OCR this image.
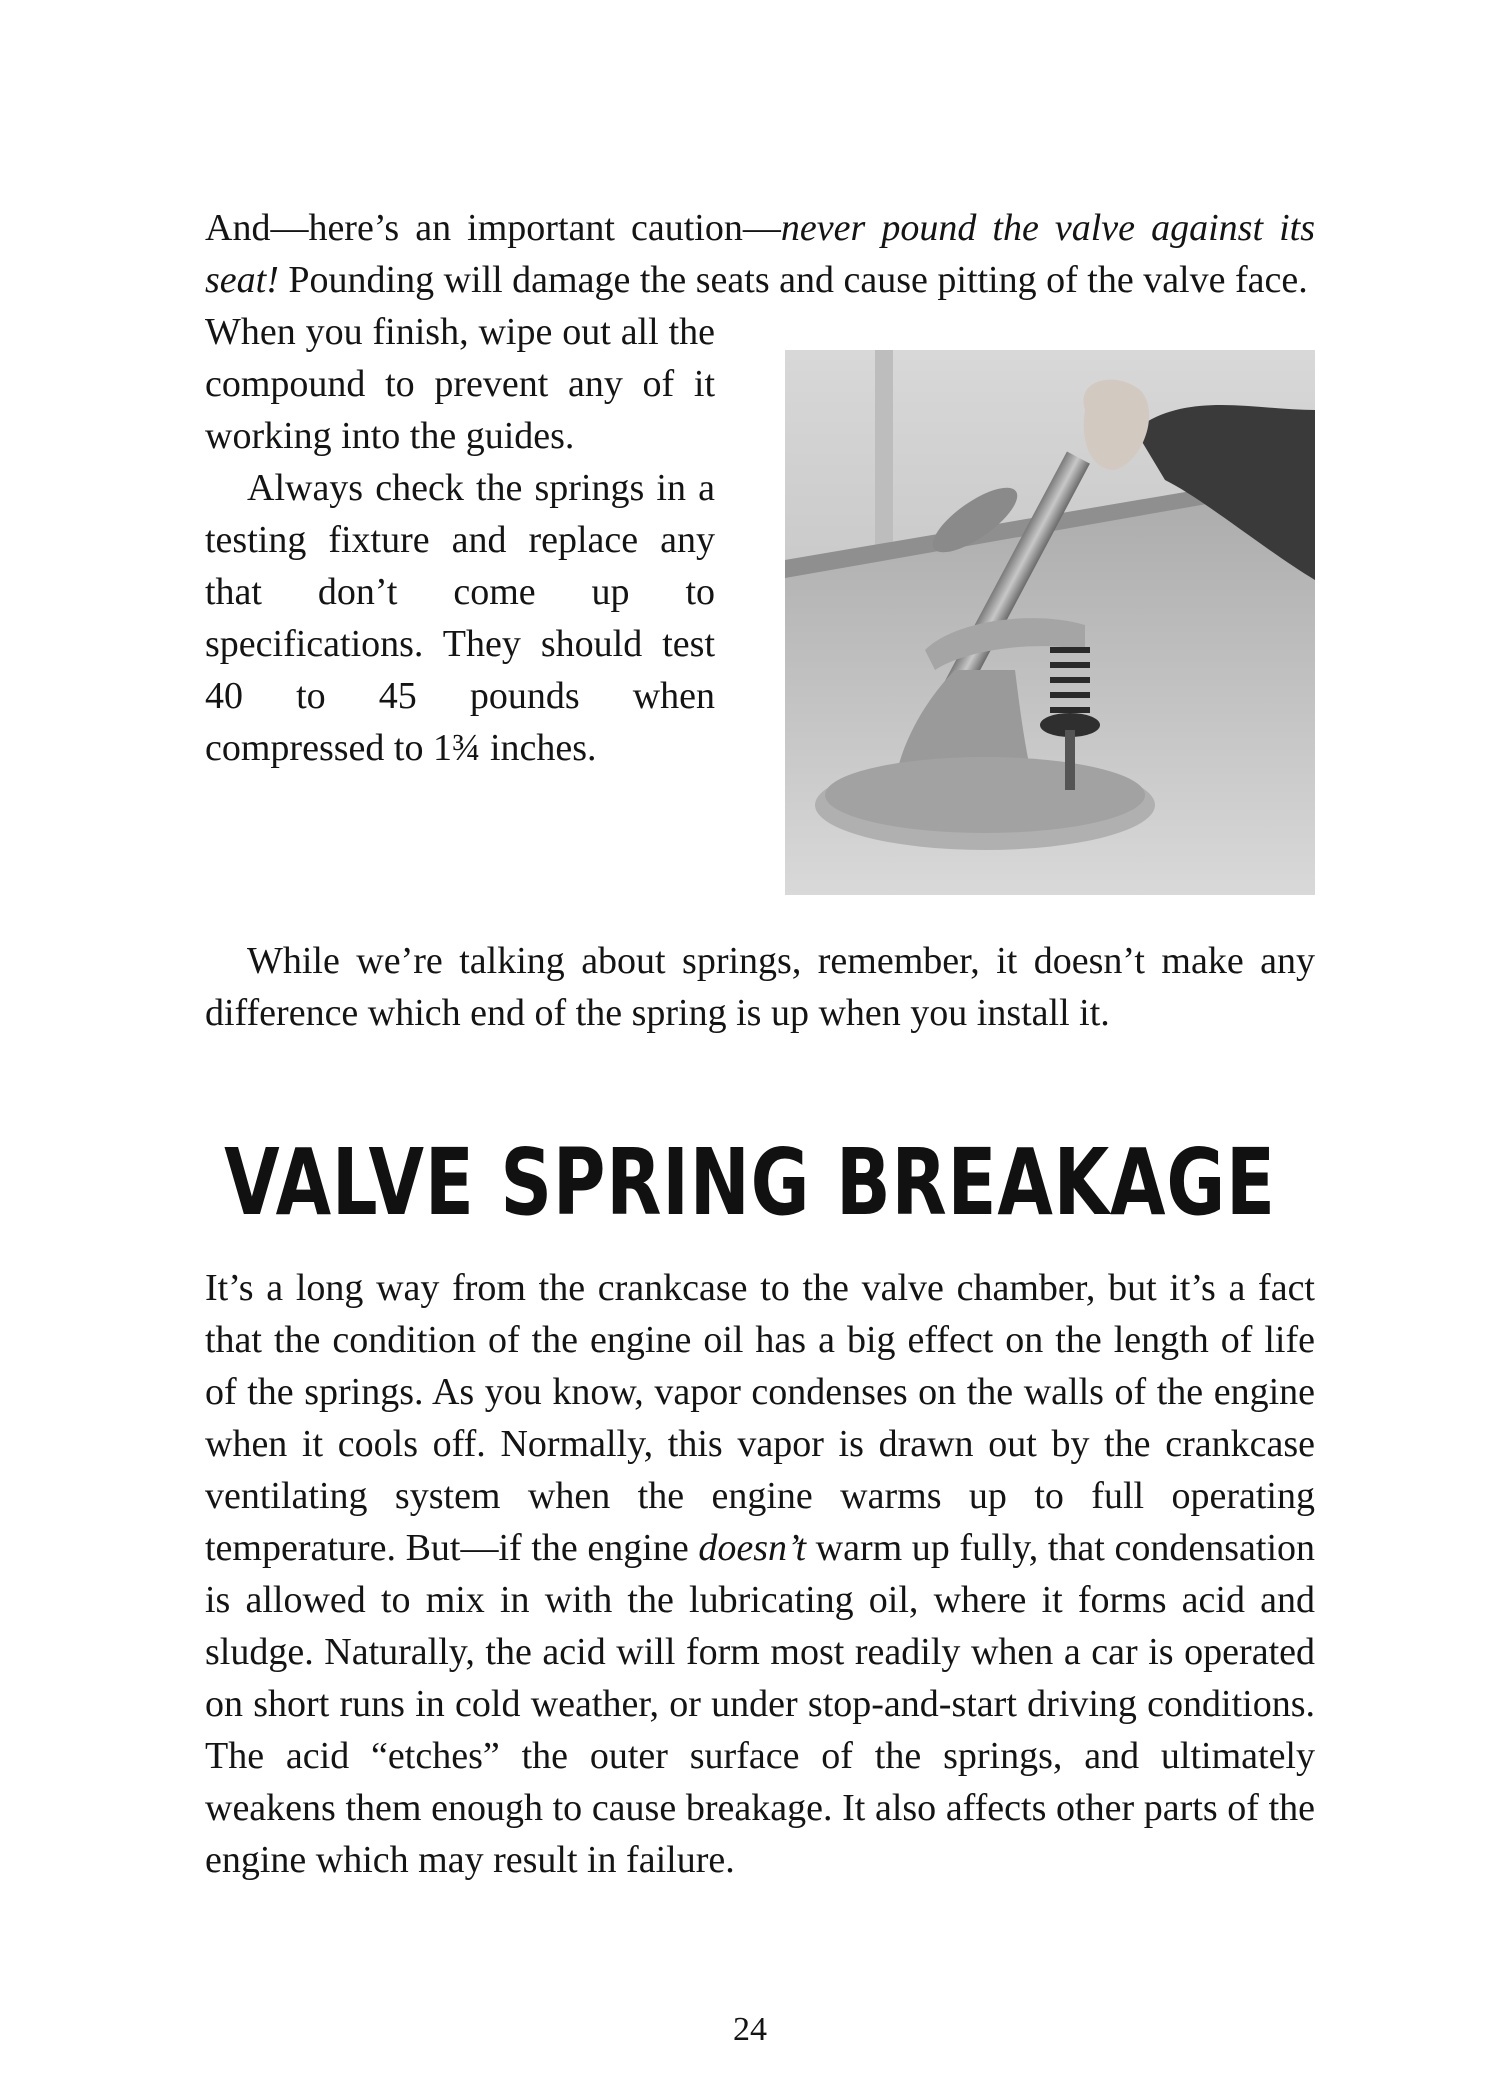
And—here’s an important caution—never pound the valve against its seat! Pounding will damage the seats and cause pitting of the valve face.

When you finish, wipe out all the compound to prevent any of it working into the guides.

Always check the springs in a testing fixture and replace any that don’t come up to specifications. They should test 40 to 45 pounds when compressed to 1¾ inches.

While we’re talking about springs, remember, it doesn’t make any difference which end of the spring is up when you install it.

VALVE SPRING BREAKAGE

It’s a long way from the crankcase to the valve chamber, but it’s a fact that the condition of the engine oil has a big effect on the length of life of the springs. As you know, vapor condenses on the walls of the engine when it cools off. Normally, this vapor is drawn out by the crankcase ventilating system when the engine warms up to full operating temperature. But—if the engine doesn’t warm up fully, that condensation is allowed to mix in with the lubricating oil, where it forms acid and sludge. Naturally, the acid will form most readily when a car is operated on short runs in cold weather, or under stop-and-start driving conditions. The acid “etches” the outer surface of the springs, and ultimately weakens them enough to cause breakage. It also affects other parts of the engine which may result in failure.

24
